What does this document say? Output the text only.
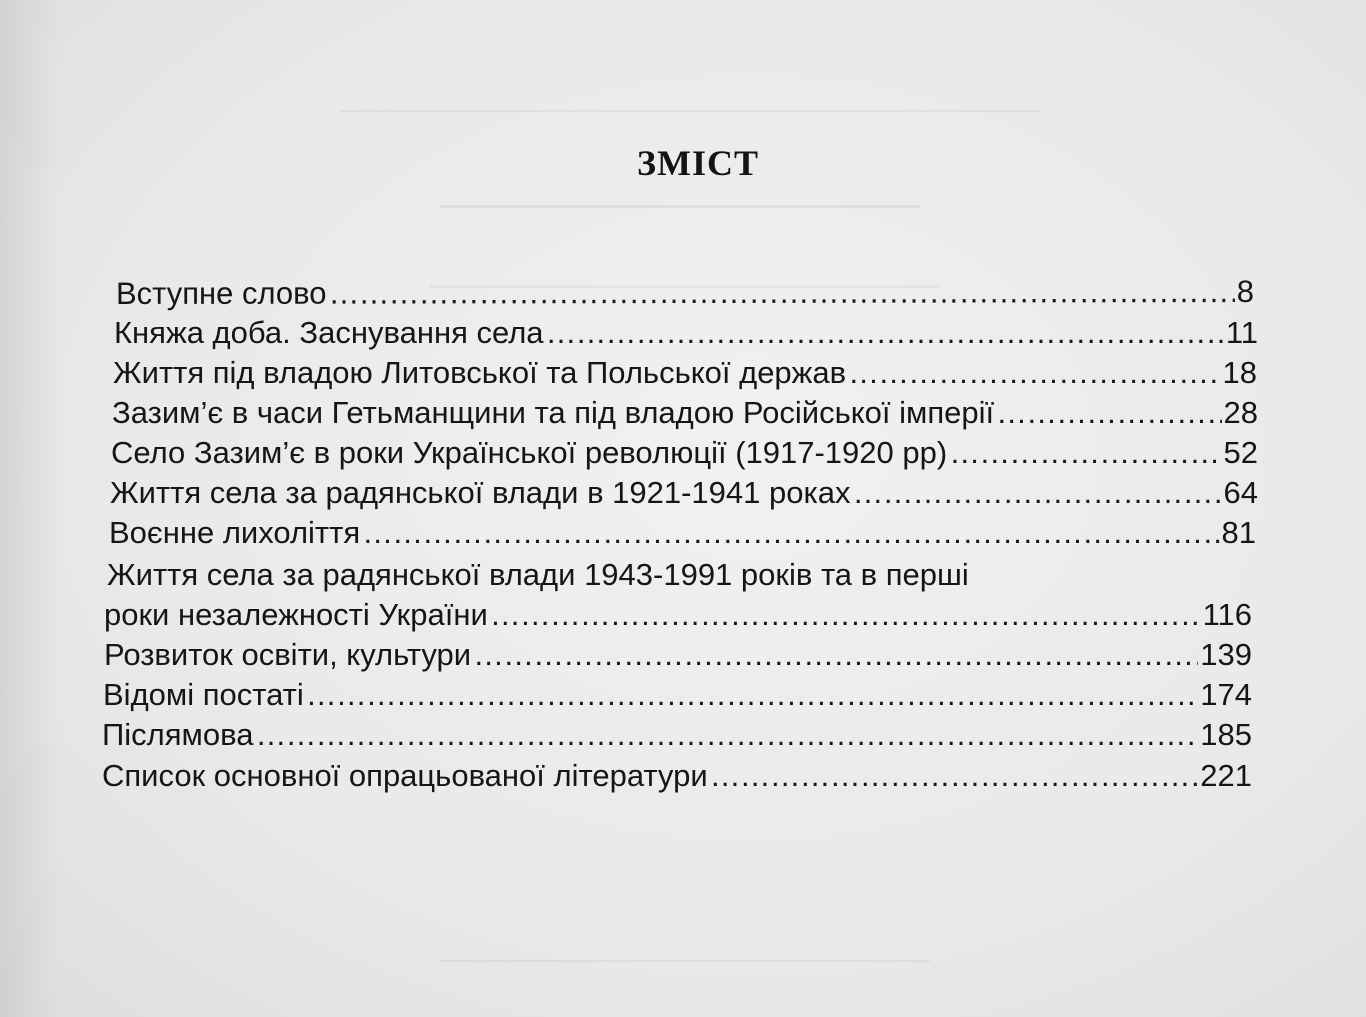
ЗМІСТ
Вступне слово …………………………………………………………………………………………………………………………………………………………………………………………………………	8
Княжа доба. Заснування села …………………………………………………………………………………………………………………………………………………………………………………………………………	11
Життя під владою Литовської та Польської держав …………………………………………………………………………………………………………………………………………………………………………………………………………	18
Зазим’є в часи Гетьманщини та під владою Російської імперії …………………………………………………………………………………………………………………………………………………………………………………………………………	28
Село Зазим’є в роки Української революції (1917-1920 рр) …………………………………………………………………………………………………………………………………………………………………………………………………………	52
Життя села за радянської влади в 1921-1941 роках …………………………………………………………………………………………………………………………………………………………………………………………………………	64
Воєнне лихоліття …………………………………………………………………………………………………………………………………………………………………………………………………………	81
Життя села за радянської влади 1943-1991 років та в перші
роки незалежності України …………………………………………………………………………………………………………………………………………………………………………………………………………	116
Розвиток освіти, культури …………………………………………………………………………………………………………………………………………………………………………………………………………	139
Відомі постаті …………………………………………………………………………………………………………………………………………………………………………………………………………	174
Післямова …………………………………………………………………………………………………………………………………………………………………………………………………………	185
Список основної опрацьованої літератури …………………………………………………………………………………………………………………………………………………………………………………………………………	221
